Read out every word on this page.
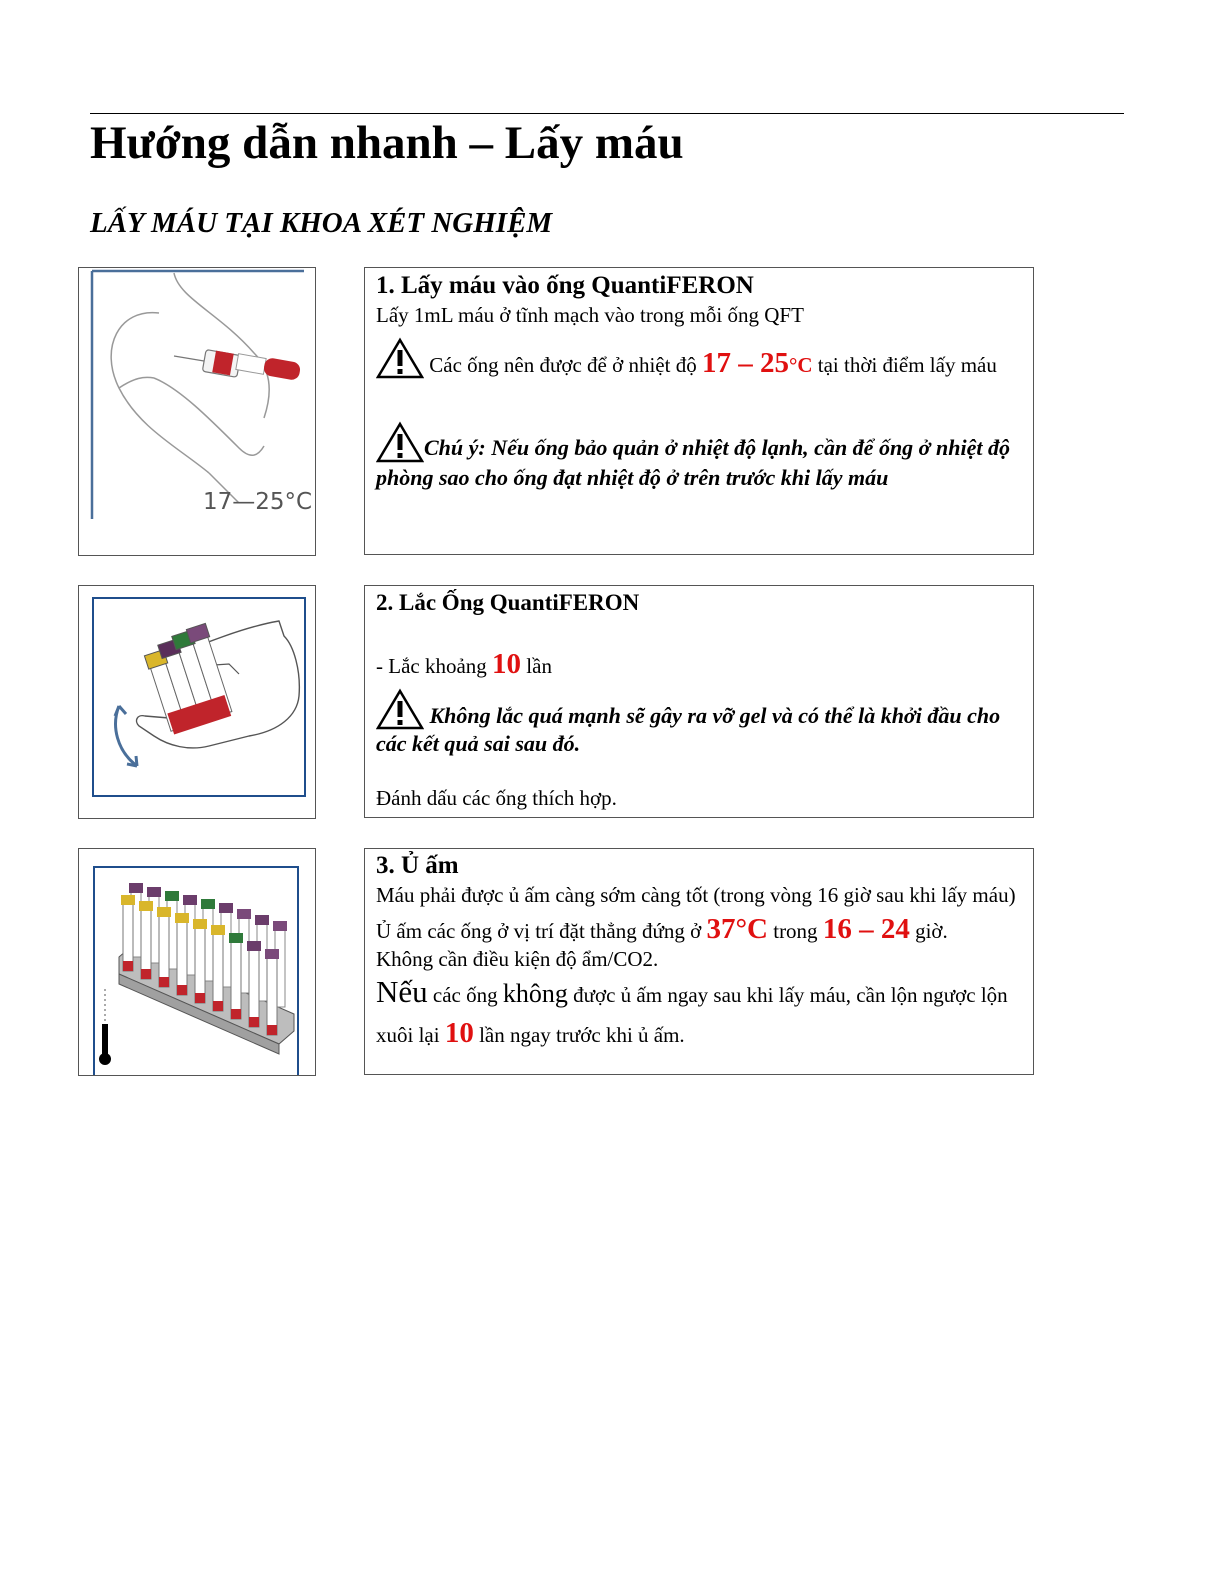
Hướng dẫn nhanh – Lấy máu
LẤY MÁU TẠI KHOA XÉT NGHIỆM
17—25°C
1. Lấy máu vào ống QuantiFERON

Lấy 1mL máu ở tĩnh mạch vào trong mỗi ống QFT

Các ống nên được để ở nhiệt độ 17 – 25°C tại thời điểm lấy máu

Chú ý: Nếu ống bảo quản ở nhiệt độ lạnh, cần để ống ở nhiệt độ phòng sao cho ống đạt nhiệt độ ở trên trước khi lấy máu

2. Lắc Ống QuantiFERON

- Lắc khoảng 10 lần

Không lắc quá mạnh sẽ gây ra vỡ gel và có thể là khởi đầu cho các kết quả sai sau đó.

Đánh dấu các ống thích hợp.

3. Ủ ấm

Máu phải được ủ ấm càng sớm càng tốt (trong vòng 16 giờ sau khi lấy máu)

Ủ ấm các ống ở vị trí đặt thẳng đứng ở 37°C trong 16 – 24 giờ.

Không cần điều kiện độ ẩm/CO2.

Nếu các ống không được ủ ấm ngay sau khi lấy máu, cần lộn ngược lộn xuôi lại 10 lần ngay trước khi ủ ấm.
